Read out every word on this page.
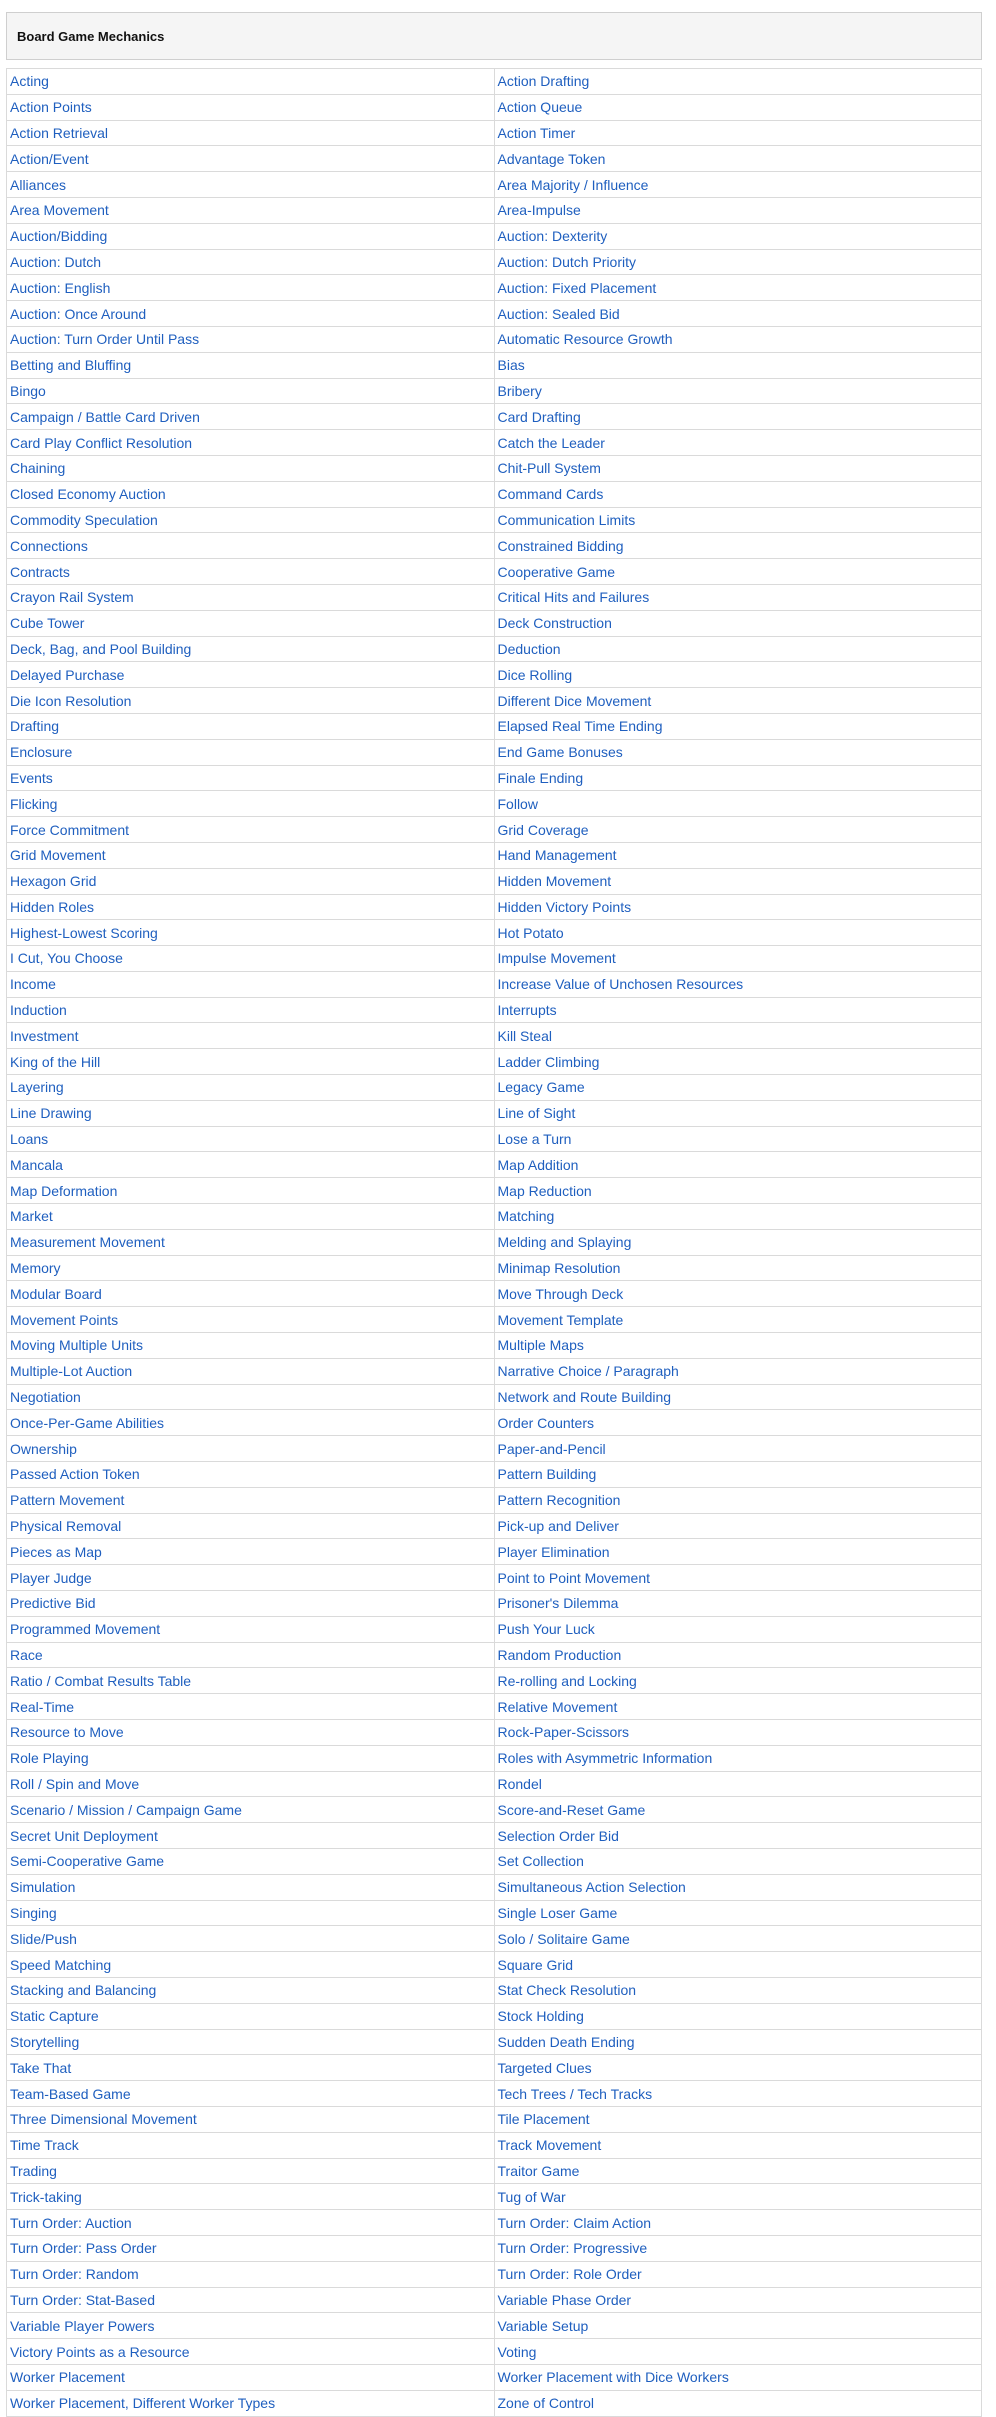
Board Game Mechanics
Acting	Action Drafting
Action Points	Action Queue
Action Retrieval	Action Timer
Action/Event	Advantage Token
Alliances	Area Majority / Influence
Area Movement	Area-Impulse
Auction/Bidding	Auction: Dexterity
Auction: Dutch	Auction: Dutch Priority
Auction: English	Auction: Fixed Placement
Auction: Once Around	Auction: Sealed Bid
Auction: Turn Order Until Pass	Automatic Resource Growth
Betting and Bluffing	Bias
Bingo	Bribery
Campaign / Battle Card Driven	Card Drafting
Card Play Conflict Resolution	Catch the Leader
Chaining	Chit-Pull System
Closed Economy Auction	Command Cards
Commodity Speculation	Communication Limits
Connections	Constrained Bidding
Contracts	Cooperative Game
Crayon Rail System	Critical Hits and Failures
Cube Tower	Deck Construction
Deck, Bag, and Pool Building	Deduction
Delayed Purchase	Dice Rolling
Die Icon Resolution	Different Dice Movement
Drafting	Elapsed Real Time Ending
Enclosure	End Game Bonuses
Events	Finale Ending
Flicking	Follow
Force Commitment	Grid Coverage
Grid Movement	Hand Management
Hexagon Grid	Hidden Movement
Hidden Roles	Hidden Victory Points
Highest-Lowest Scoring	Hot Potato
I Cut, You Choose	Impulse Movement
Income	Increase Value of Unchosen Resources
Induction	Interrupts
Investment	Kill Steal
King of the Hill	Ladder Climbing
Layering	Legacy Game
Line Drawing	Line of Sight
Loans	Lose a Turn
Mancala	Map Addition
Map Deformation	Map Reduction
Market	Matching
Measurement Movement	Melding and Splaying
Memory	Minimap Resolution
Modular Board	Move Through Deck
Movement Points	Movement Template
Moving Multiple Units	Multiple Maps
Multiple-Lot Auction	Narrative Choice / Paragraph
Negotiation	Network and Route Building
Once-Per-Game Abilities	Order Counters
Ownership	Paper-and-Pencil
Passed Action Token	Pattern Building
Pattern Movement	Pattern Recognition
Physical Removal	Pick-up and Deliver
Pieces as Map	Player Elimination
Player Judge	Point to Point Movement
Predictive Bid	Prisoner's Dilemma
Programmed Movement	Push Your Luck
Race	Random Production
Ratio / Combat Results Table	Re-rolling and Locking
Real-Time	Relative Movement
Resource to Move	Rock-Paper-Scissors
Role Playing	Roles with Asymmetric Information
Roll / Spin and Move	Rondel
Scenario / Mission / Campaign Game	Score-and-Reset Game
Secret Unit Deployment	Selection Order Bid
Semi-Cooperative Game	Set Collection
Simulation	Simultaneous Action Selection
Singing	Single Loser Game
Slide/Push	Solo / Solitaire Game
Speed Matching	Square Grid
Stacking and Balancing	Stat Check Resolution
Static Capture	Stock Holding
Storytelling	Sudden Death Ending
Take That	Targeted Clues
Team-Based Game	Tech Trees / Tech Tracks
Three Dimensional Movement	Tile Placement
Time Track	Track Movement
Trading	Traitor Game
Trick-taking	Tug of War
Turn Order: Auction	Turn Order: Claim Action
Turn Order: Pass Order	Turn Order: Progressive
Turn Order: Random	Turn Order: Role Order
Turn Order: Stat-Based	Variable Phase Order
Variable Player Powers	Variable Setup
Victory Points as a Resource	Voting
Worker Placement	Worker Placement with Dice Workers
Worker Placement, Different Worker Types	Zone of Control
